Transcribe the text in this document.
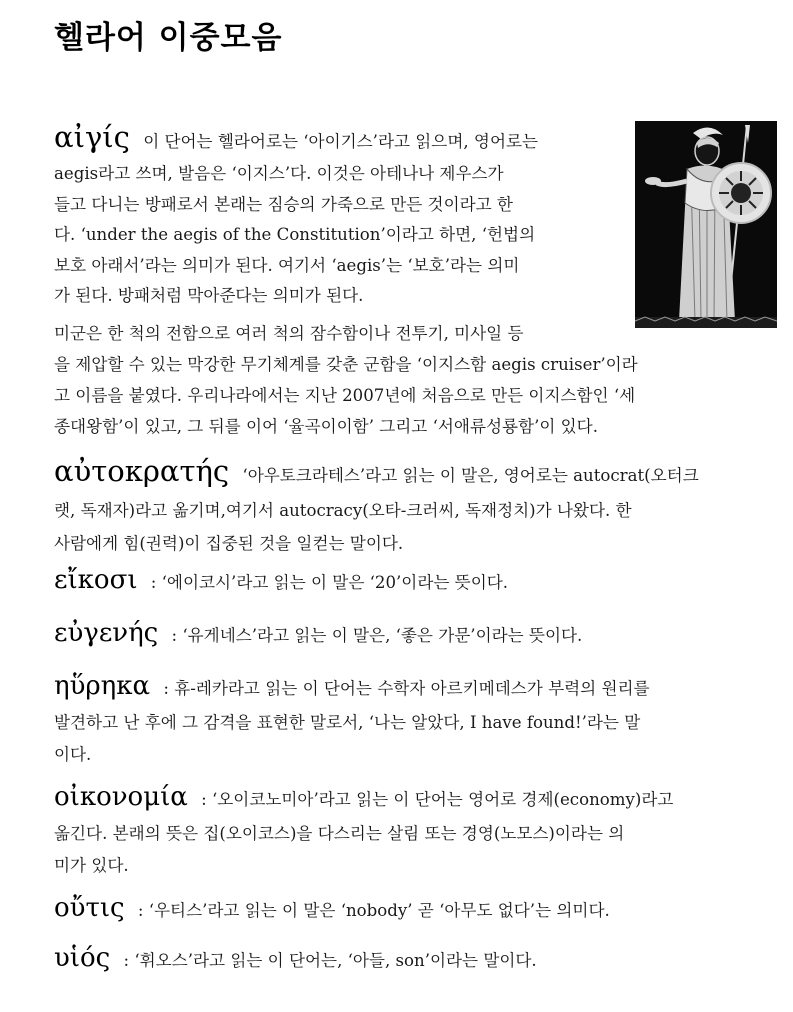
헬라어 이중모음
αἰγίς 이 단어는 헬라어로는 ‘아이기스’라고 읽으며, 영어로는
aegis라고 쓰며, 발음은 ‘이지스’다. 이것은 아테나나 제우스가
들고 다니는 방패로서 본래는 짐승의 가죽으로 만든 것이라고 한
다. ‘under the aegis of the Constitution’이라고 하면, ‘헌법의
보호 아래서’라는 의미가 된다. 여기서 ‘aegis’는 ‘보호’라는 의미
가 된다. 방패처럼 막아준다는 의미가 된다.
미군은 한 척의 전함으로 여러 척의 잠수함이나 전투기, 미사일 등
을 제압할 수 있는 막강한 무기체계를 갖춘 군함을 ‘이지스함 aegis cruiser’이라
고 이름을 붙였다. 우리나라에서는 지난 2007년에 처음으로 만든 이지스함인 ‘세
종대왕함’이 있고, 그 뒤를 이어 ‘율곡이이함’ 그리고 ‘서애류성룡함’이 있다.
αὐτοκρατής ‘아우토크라테스’라고 읽는 이 말은, 영어로는 autocrat(오터크
랫, 독재자)라고 옮기며,여기서 autocracy(오타-크러씨, 독재정치)가 나왔다. 한
사람에게 힘(권력)이 집중된 것을 일컫는 말이다.
εἴκοσι : ‘에이코시’라고 읽는 이 말은 ‘20’이라는 뜻이다.
εὐγενής : ‘유게네스’라고 읽는 이 말은, ‘좋은 가문’이라는 뜻이다.
ηὕρηκα : 휴-레카라고 읽는 이 단어는 수학자 아르키메데스가 부력의 원리를
발견하고 난 후에 그 감격을 표현한 말로서, ‘나는 알았다, I have found!’라는 말
이다.
οἰκονομία : ‘오이코노미아’라고 읽는 이 단어는 영어로 경제(economy)라고
옮긴다. 본래의 뜻은 집(오이코스)을 다스리는 살림 또는 경영(노모스)이라는 의
미가 있다.
οὔτις : ‘우티스’라고 읽는 이 말은 ‘nobody’ 곧 ‘아무도 없다’는 의미다.
υἱός : ‘휘오스’라고 읽는 이 단어는, ‘아들, son’이라는 말이다.
